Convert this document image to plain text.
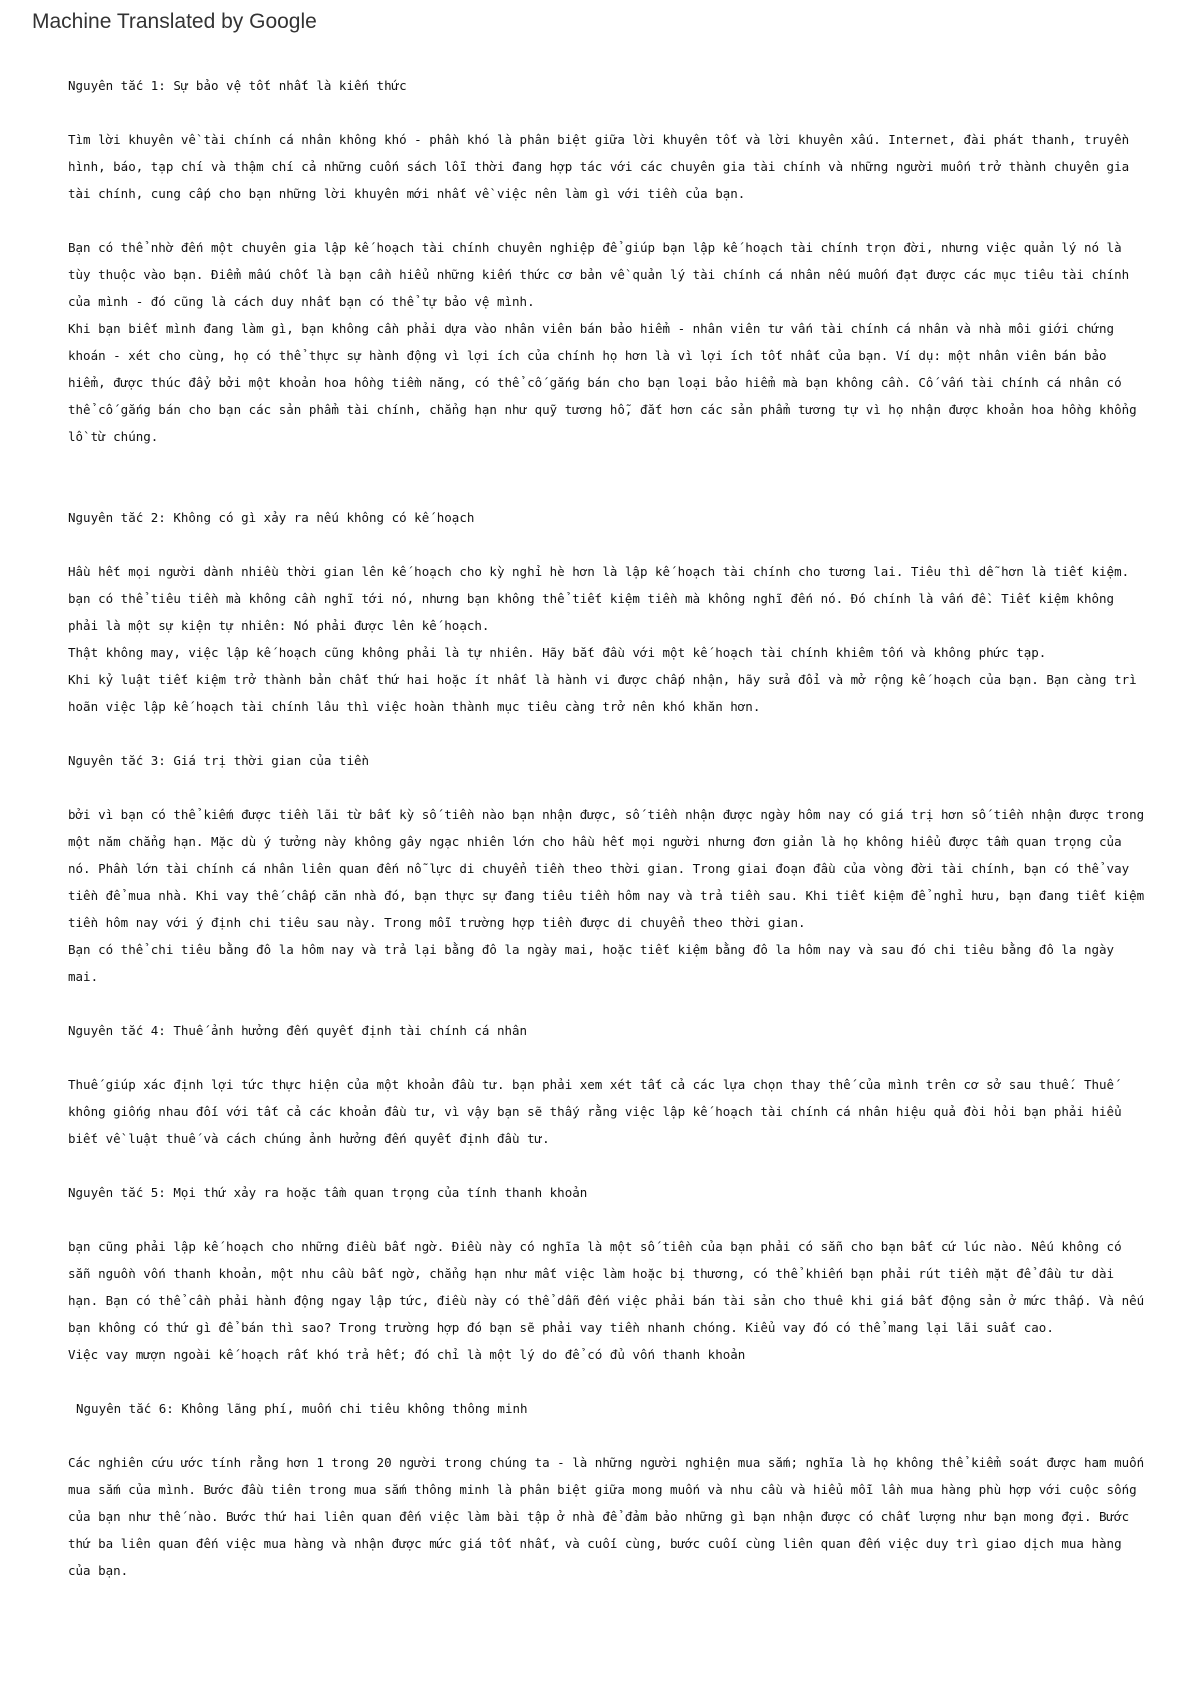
Machine Translated by Google
Nguyên tắc 1: Sự bảo vệ tốt nhất là kiến thức

Tìm lời khuyên về tài chính cá nhân không khó - phần khó là phân biệt giữa lời khuyên tốt và lời khuyên xấu. Internet, đài phát thanh, truyền hình, báo, tạp chí và thậm chí cả những cuốn sách lỗi thời đang hợp tác với các chuyên gia tài chính và những người muốn trở thành chuyên gia tài chính, cung cấp cho bạn những lời khuyên mới nhất về việc nên làm gì với tiền của bạn.

Bạn có thể nhờ đến một chuyên gia lập kế hoạch tài chính chuyên nghiệp để giúp bạn lập kế hoạch tài chính trọn đời, nhưng việc quản lý nó là tùy thuộc vào bạn. Điểm mấu chốt là bạn cần hiểu những kiến thức cơ bản về quản lý tài chính cá nhân nếu muốn đạt được các mục tiêu tài chính của mình - đó cũng là cách duy nhất bạn có thể tự bảo vệ mình.

Khi bạn biết mình đang làm gì, bạn không cần phải dựa vào nhân viên bán bảo hiểm - nhân viên tư vấn tài chính cá nhân và nhà môi giới chứng khoán - xét cho cùng, họ có thể thực sự hành động vì lợi ích của chính họ hơn là vì lợi ích tốt nhất của bạn. Ví dụ: một nhân viên bán bảo hiểm, được thúc đẩy bởi một khoản hoa hồng tiềm năng, có thể cố gắng bán cho bạn loại bảo hiểm mà bạn không cần. Cố vấn tài chính cá nhân có thể cố gắng bán cho bạn các sản phẩm tài chính, chẳng hạn như quỹ tương hỗ, đắt hơn các sản phẩm tương tự vì họ nhận được khoản hoa hồng khổng lồ từ chúng.

Nguyên tắc 2: Không có gì xảy ra nếu không có kế hoạch

Hầu hết mọi người dành nhiều thời gian lên kế hoạch cho kỳ nghỉ hè hơn là lập kế hoạch tài chính cho tương lai. Tiêu thì dễ hơn là tiết kiệm. bạn có thể tiêu tiền mà không cần nghĩ tới nó, nhưng bạn không thể tiết kiệm tiền mà không nghĩ đến nó. Đó chính là vấn đề. Tiết kiệm không phải là một sự kiện tự nhiên: Nó phải được lên kế hoạch.

Thật không may, việc lập kế hoạch cũng không phải là tự nhiên. Hãy bắt đầu với một kế hoạch tài chính khiêm tốn và không phức tạp.

Khi kỷ luật tiết kiệm trở thành bản chất thứ hai hoặc ít nhất là hành vi được chấp nhận, hãy sửa đổi và mở rộng kế hoạch của bạn. Bạn càng trì hoãn việc lập kế hoạch tài chính lâu thì việc hoàn thành mục tiêu càng trở nên khó khăn hơn.

Nguyên tắc 3: Giá trị thời gian của tiền

bởi vì bạn có thể kiếm được tiền lãi từ bất kỳ số tiền nào bạn nhận được, số tiền nhận được ngày hôm nay có giá trị hơn số tiền nhận được trong một năm chẳng hạn. Mặc dù ý tưởng này không gây ngạc nhiên lớn cho hầu hết mọi người nhưng đơn giản là họ không hiểu được tầm quan trọng của nó. Phần lớn tài chính cá nhân liên quan đến nỗ lực di chuyển tiền theo thời gian. Trong giai đoạn đầu của vòng đời tài chính, bạn có thể vay tiền để mua nhà. Khi vay thế chấp căn nhà đó, bạn thực sự đang tiêu tiền hôm nay và trả tiền sau. Khi tiết kiệm để nghỉ hưu, bạn đang tiết kiệm tiền hôm nay với ý định chi tiêu sau này. Trong mỗi trường hợp tiền được di chuyển theo thời gian.

Bạn có thể chi tiêu bằng đô la hôm nay và trả lại bằng đô la ngày mai, hoặc tiết kiệm bằng đô la hôm nay và sau đó chi tiêu bằng đô la ngày mai.

Nguyên tắc 4: Thuế ảnh hưởng đến quyết định tài chính cá nhân

Thuế giúp xác định lợi tức thực hiện của một khoản đầu tư. bạn phải xem xét tất cả các lựa chọn thay thế của mình trên cơ sở sau thuế. Thuế không giống nhau đối với tất cả các khoản đầu tư, vì vậy bạn sẽ thấy rằng việc lập kế hoạch tài chính cá nhân hiệu quả đòi hỏi bạn phải hiểu biết về luật thuế và cách chúng ảnh hưởng đến quyết định đầu tư.

Nguyên tắc 5: Mọi thứ xảy ra hoặc tầm quan trọng của tính thanh khoản

bạn cũng phải lập kế hoạch cho những điều bất ngờ. Điều này có nghĩa là một số tiền của bạn phải có sẵn cho bạn bất cứ lúc nào. Nếu không có sẵn nguồn vốn thanh khoản, một nhu cầu bất ngờ, chẳng hạn như mất việc làm hoặc bị thương, có thể khiến bạn phải rút tiền mặt để đầu tư dài hạn. Bạn có thể cần phải hành động ngay lập tức, điều này có thể dẫn đến việc phải bán tài sản cho thuê khi giá bất động sản ở mức thấp. Và nếu bạn không có thứ gì để bán thì sao? Trong trường hợp đó bạn sẽ phải vay tiền nhanh chóng. Kiểu vay đó có thể mang lại lãi suất cao.

Việc vay mượn ngoài kế hoạch rất khó trả hết; đó chỉ là một lý do để có đủ vốn thanh khoản

Nguyên tắc 6: Không lãng phí, muốn chi tiêu không thông minh

Các nghiên cứu ước tính rằng hơn 1 trong 20 người trong chúng ta - là những người nghiện mua sắm; nghĩa là họ không thể kiểm soát được ham muốn mua sắm của mình. Bước đầu tiên trong mua sắm thông minh là phân biệt giữa mong muốn và nhu cầu và hiểu mỗi lần mua hàng phù hợp với cuộc sống của bạn như thế nào. Bước thứ hai liên quan đến việc làm bài tập ở nhà để đảm bảo những gì bạn nhận được có chất lượng như bạn mong đợi. Bước thứ ba liên quan đến việc mua hàng và nhận được mức giá tốt nhất, và cuối cùng, bước cuối cùng liên quan đến việc duy trì giao dịch mua hàng của bạn.
